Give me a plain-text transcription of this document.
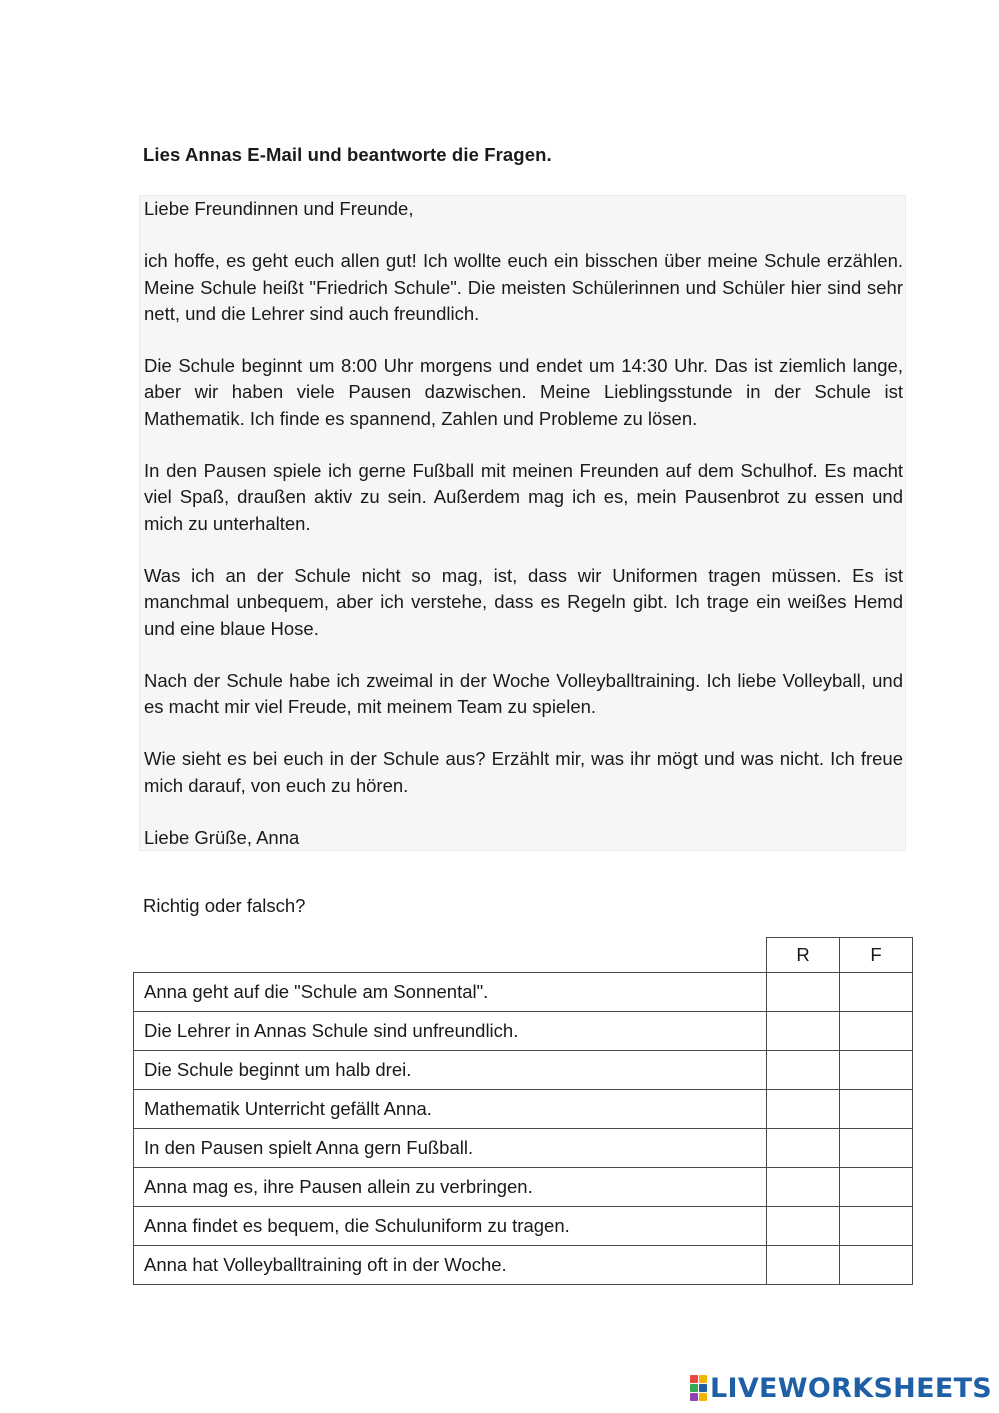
Lies Annas E-Mail und beantworte die Fragen.

Liebe Freundinnen und Freunde,

ich hoffe, es geht euch allen gut! Ich wollte euch ein bisschen über meine Schule erzählen. Meine Schule heißt "Friedrich Schule". Die meisten Schülerinnen und Schüler hier sind sehr nett, und die Lehrer sind auch freundlich.

Die Schule beginnt um 8:00 Uhr morgens und endet um 14:30 Uhr. Das ist ziemlich lange, aber wir haben viele Pausen dazwischen. Meine Lieblingsstunde in der Schule ist Mathematik. Ich finde es spannend, Zahlen und Probleme zu lösen.

In den Pausen spiele ich gerne Fußball mit meinen Freunden auf dem Schulhof. Es macht viel Spaß, draußen aktiv zu sein. Außerdem mag ich es, mein Pausenbrot zu essen und mich zu unterhalten.

Was ich an der Schule nicht so mag, ist, dass wir Uniformen tragen müssen. Es ist manchmal unbequem, aber ich verstehe, dass es Regeln gibt. Ich trage ein weißes Hemd und eine blaue Hose.

Nach der Schule habe ich zweimal in der Woche Volleyballtraining. Ich liebe Volleyball, und es macht mir viel Freude, mit meinem Team zu spielen.

Wie sieht es bei euch in der Schule aus? Erzählt mir, was ihr mögt und was nicht. Ich freue mich darauf, von euch zu hören.

Liebe Grüße, Anna

Richtig oder falsch?
	R	F
Anna geht auf die "Schule am Sonnental".		
Die Lehrer in Annas Schule sind unfreundlich.		
Die Schule beginnt um halb drei.		
Mathematik Unterricht gefällt Anna.		
In den Pausen spielt Anna gern Fußball.		
Anna mag es, ihre Pausen allein zu verbringen.		
Anna findet es bequem, die Schuluniform zu tragen.		
Anna hat Volleyballtraining oft in der Woche.		
LIVEWORKSHEETS
